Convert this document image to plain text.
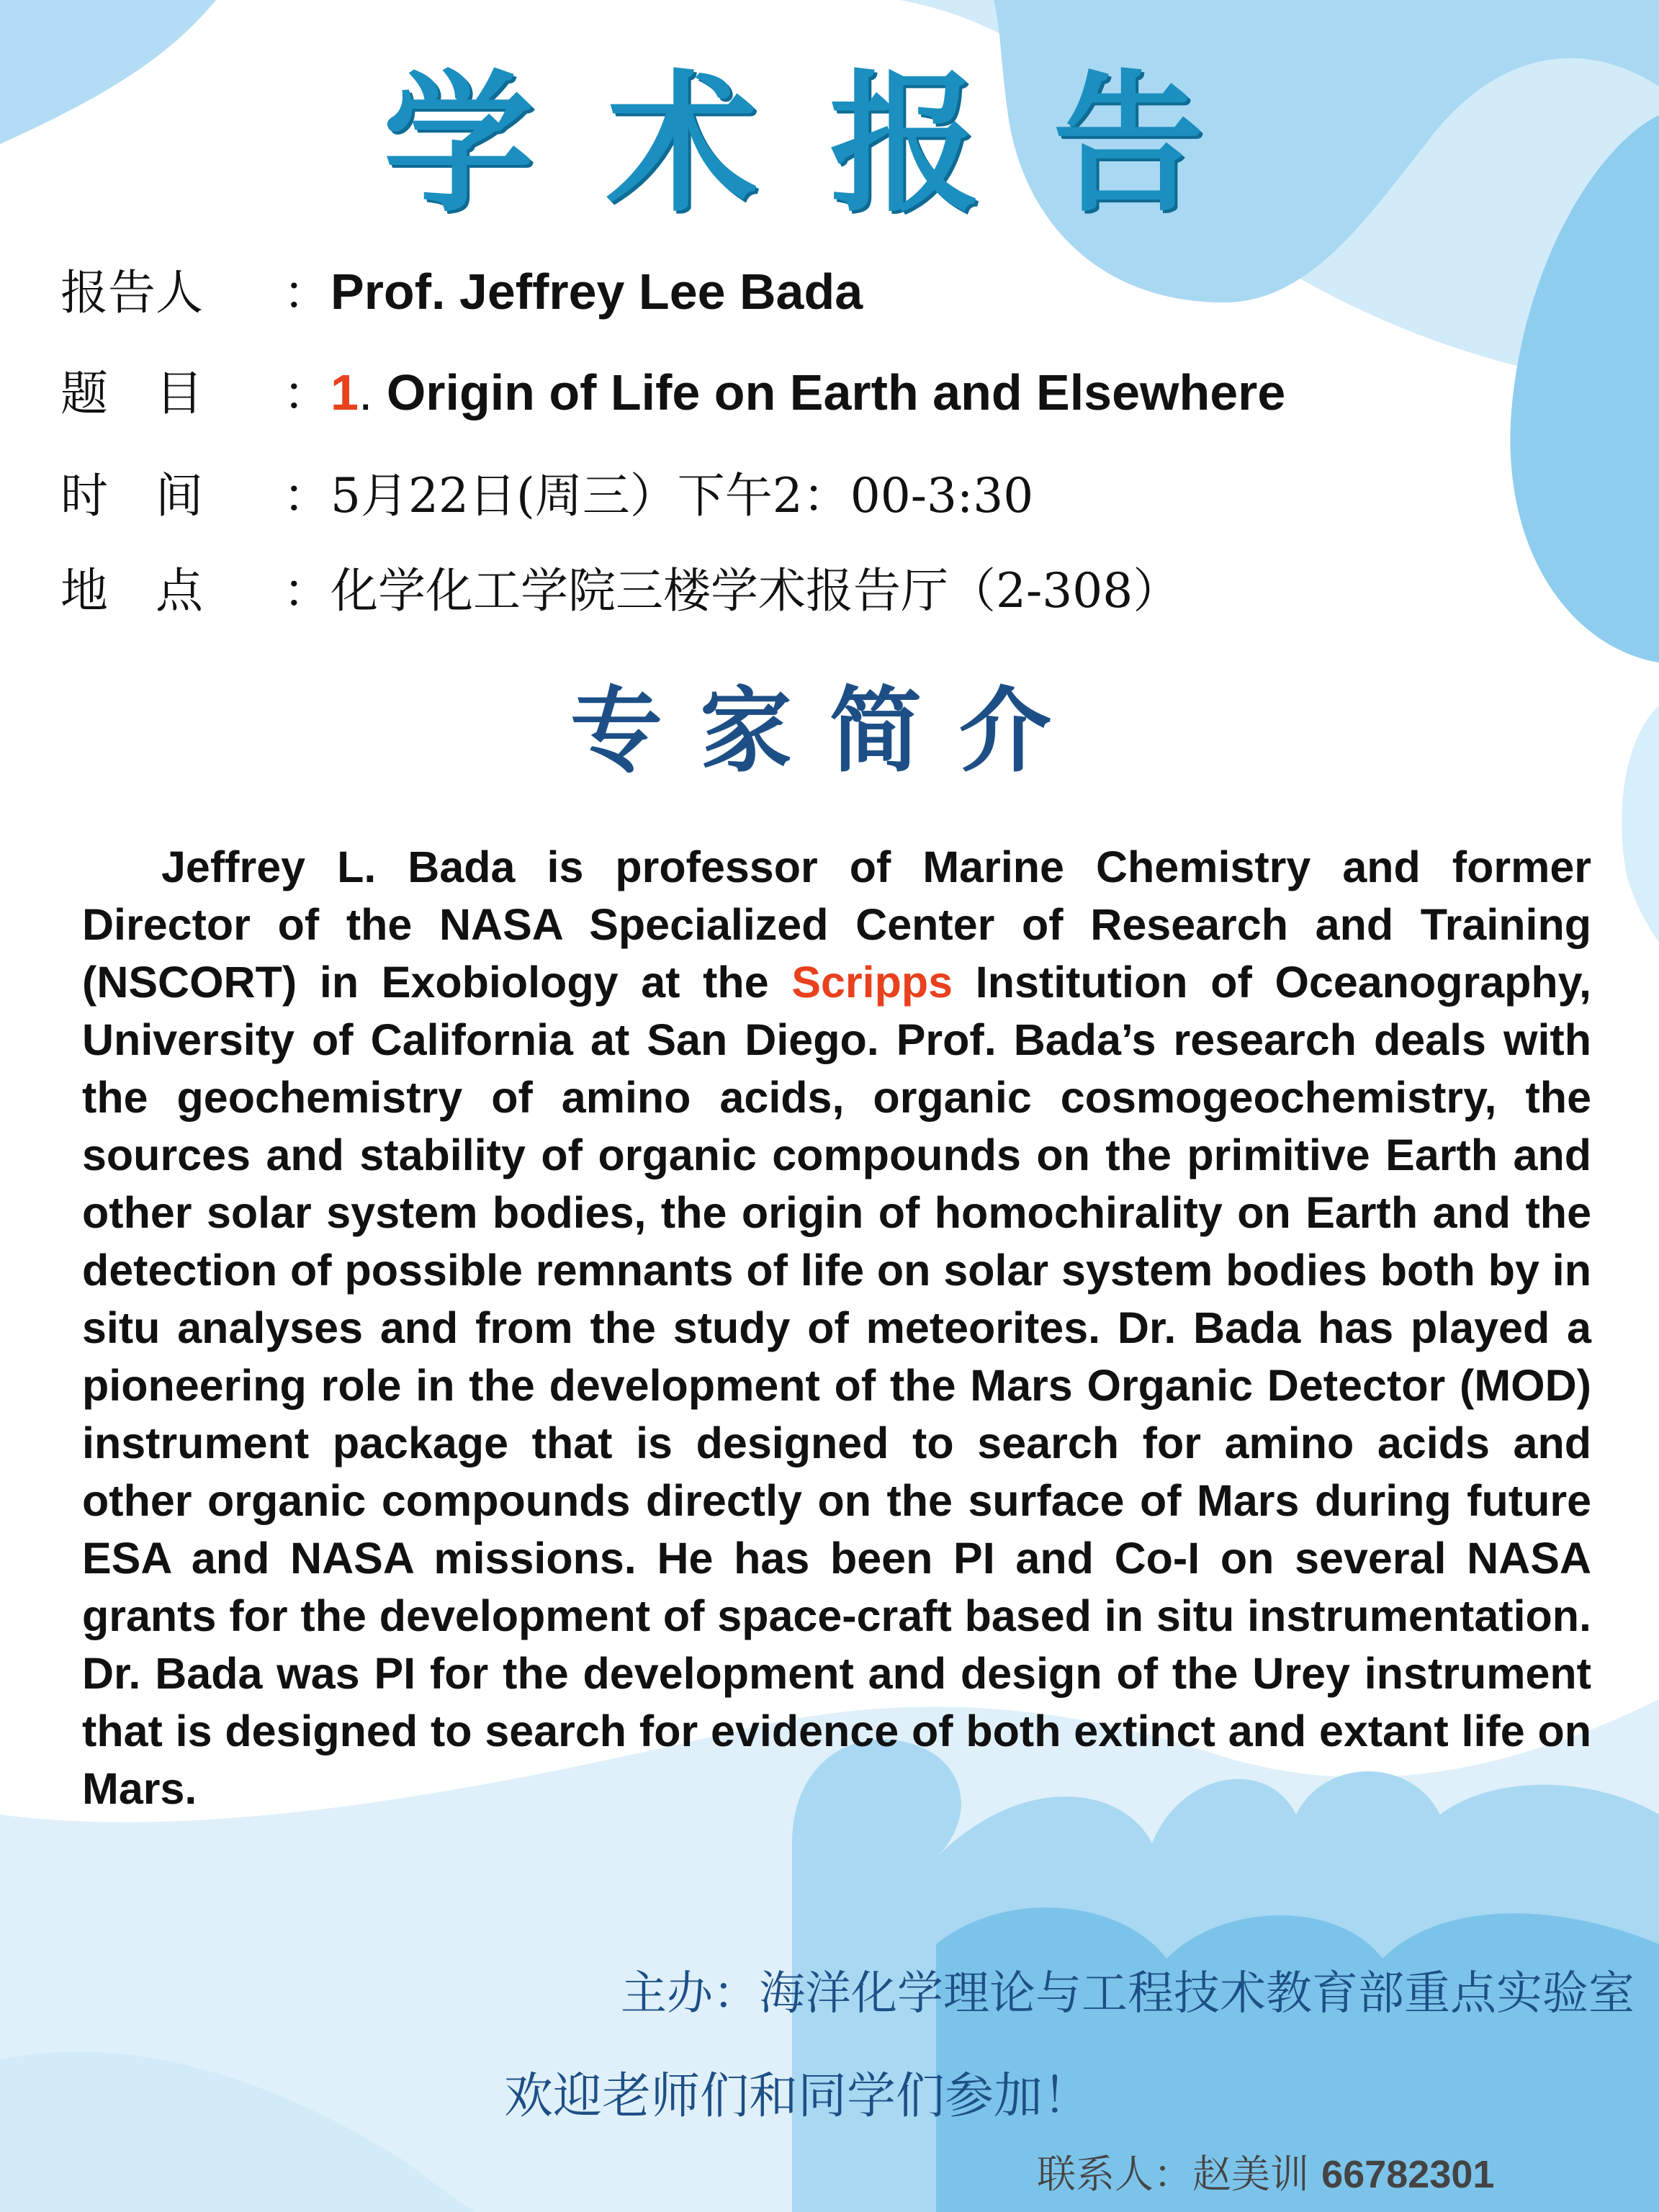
学术报告
报告人 ：Prof. Jeffrey Lee Bada
题　目 ：1. Origin of Life on Earth and Elsewhere
时　间 ：5月22日(周三）下午2：00-3:30
地　点 ：化学化工学院三楼学术报告厅（2-308）
专家简介

Jeffrey L. Bada is professor of Marine Chemistry and former Director of the NASA Specialized Center of Research and Training (NSCORT) in Exobiology at the Scripps Institution of Oceanography, University of California at San Diego. Prof. Bada’s research deals with the geochemistry of amino acids, organic cosmogeochemistry, the sources and stability of organic compounds on the primitive Earth and other solar system bodies, the origin of homochirality on Earth and the detection of possible remnants of life on solar system bodies both by in situ analyses and from the study of meteorites. Dr. Bada has played a pioneering role in the development of the Mars Organic Detector (MOD) instrument package that is designed to search for amino acids and other organic compounds directly on the surface of Mars during future ESA and NASA missions. He has been PI and Co-I on several NASA grants for the development of space-craft based in situ instrumentation. Dr. Bada was PI for the development and design of the Urey instrument that is designed to search for evidence of both extinct and extant life on Mars.

主办：海洋化学理论与工程技术教育部重点实验室
欢迎老师们和同学们参加！
联系人：赵美训 66782301
